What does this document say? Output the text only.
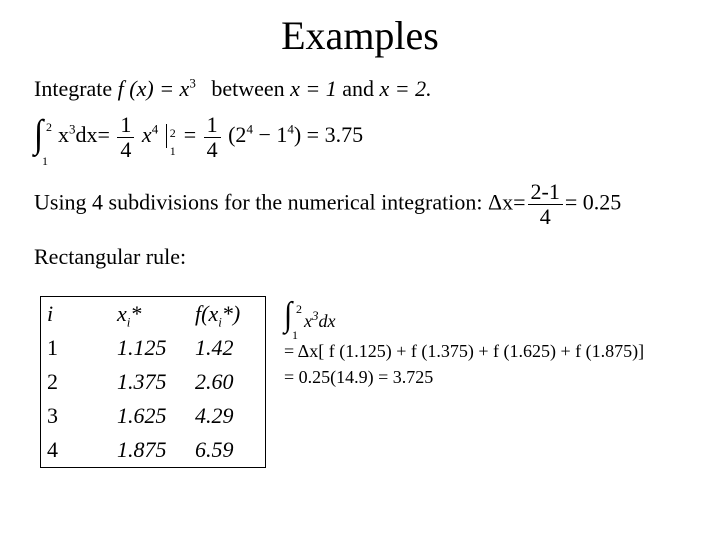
Examples
Integrate f $(x) = x^3$ between x = 1 and x = 2.
∫ 2
1
$x^3dx= \frac{1}{4} x^4$ 2
1
= $\frac{1}{4} (2^4 - 1^4) = 3.75$
Using 4 subdivisions for the numerical integration: $\Delta x= \frac{2-1}{4} = 0.25$
Rectangular rule:
i	$x_i*$	$f(x_i*)$
1	1.125	1.42
2	1.375	2.60
3	1.625	4.29
4	1.875	6.59
∫ 2
1
$x^3dx$
= Δx[ f (1.125) + f (1.375) + f (1.625) + f (1.875)]
= 0.25(14.9) = 3.725
